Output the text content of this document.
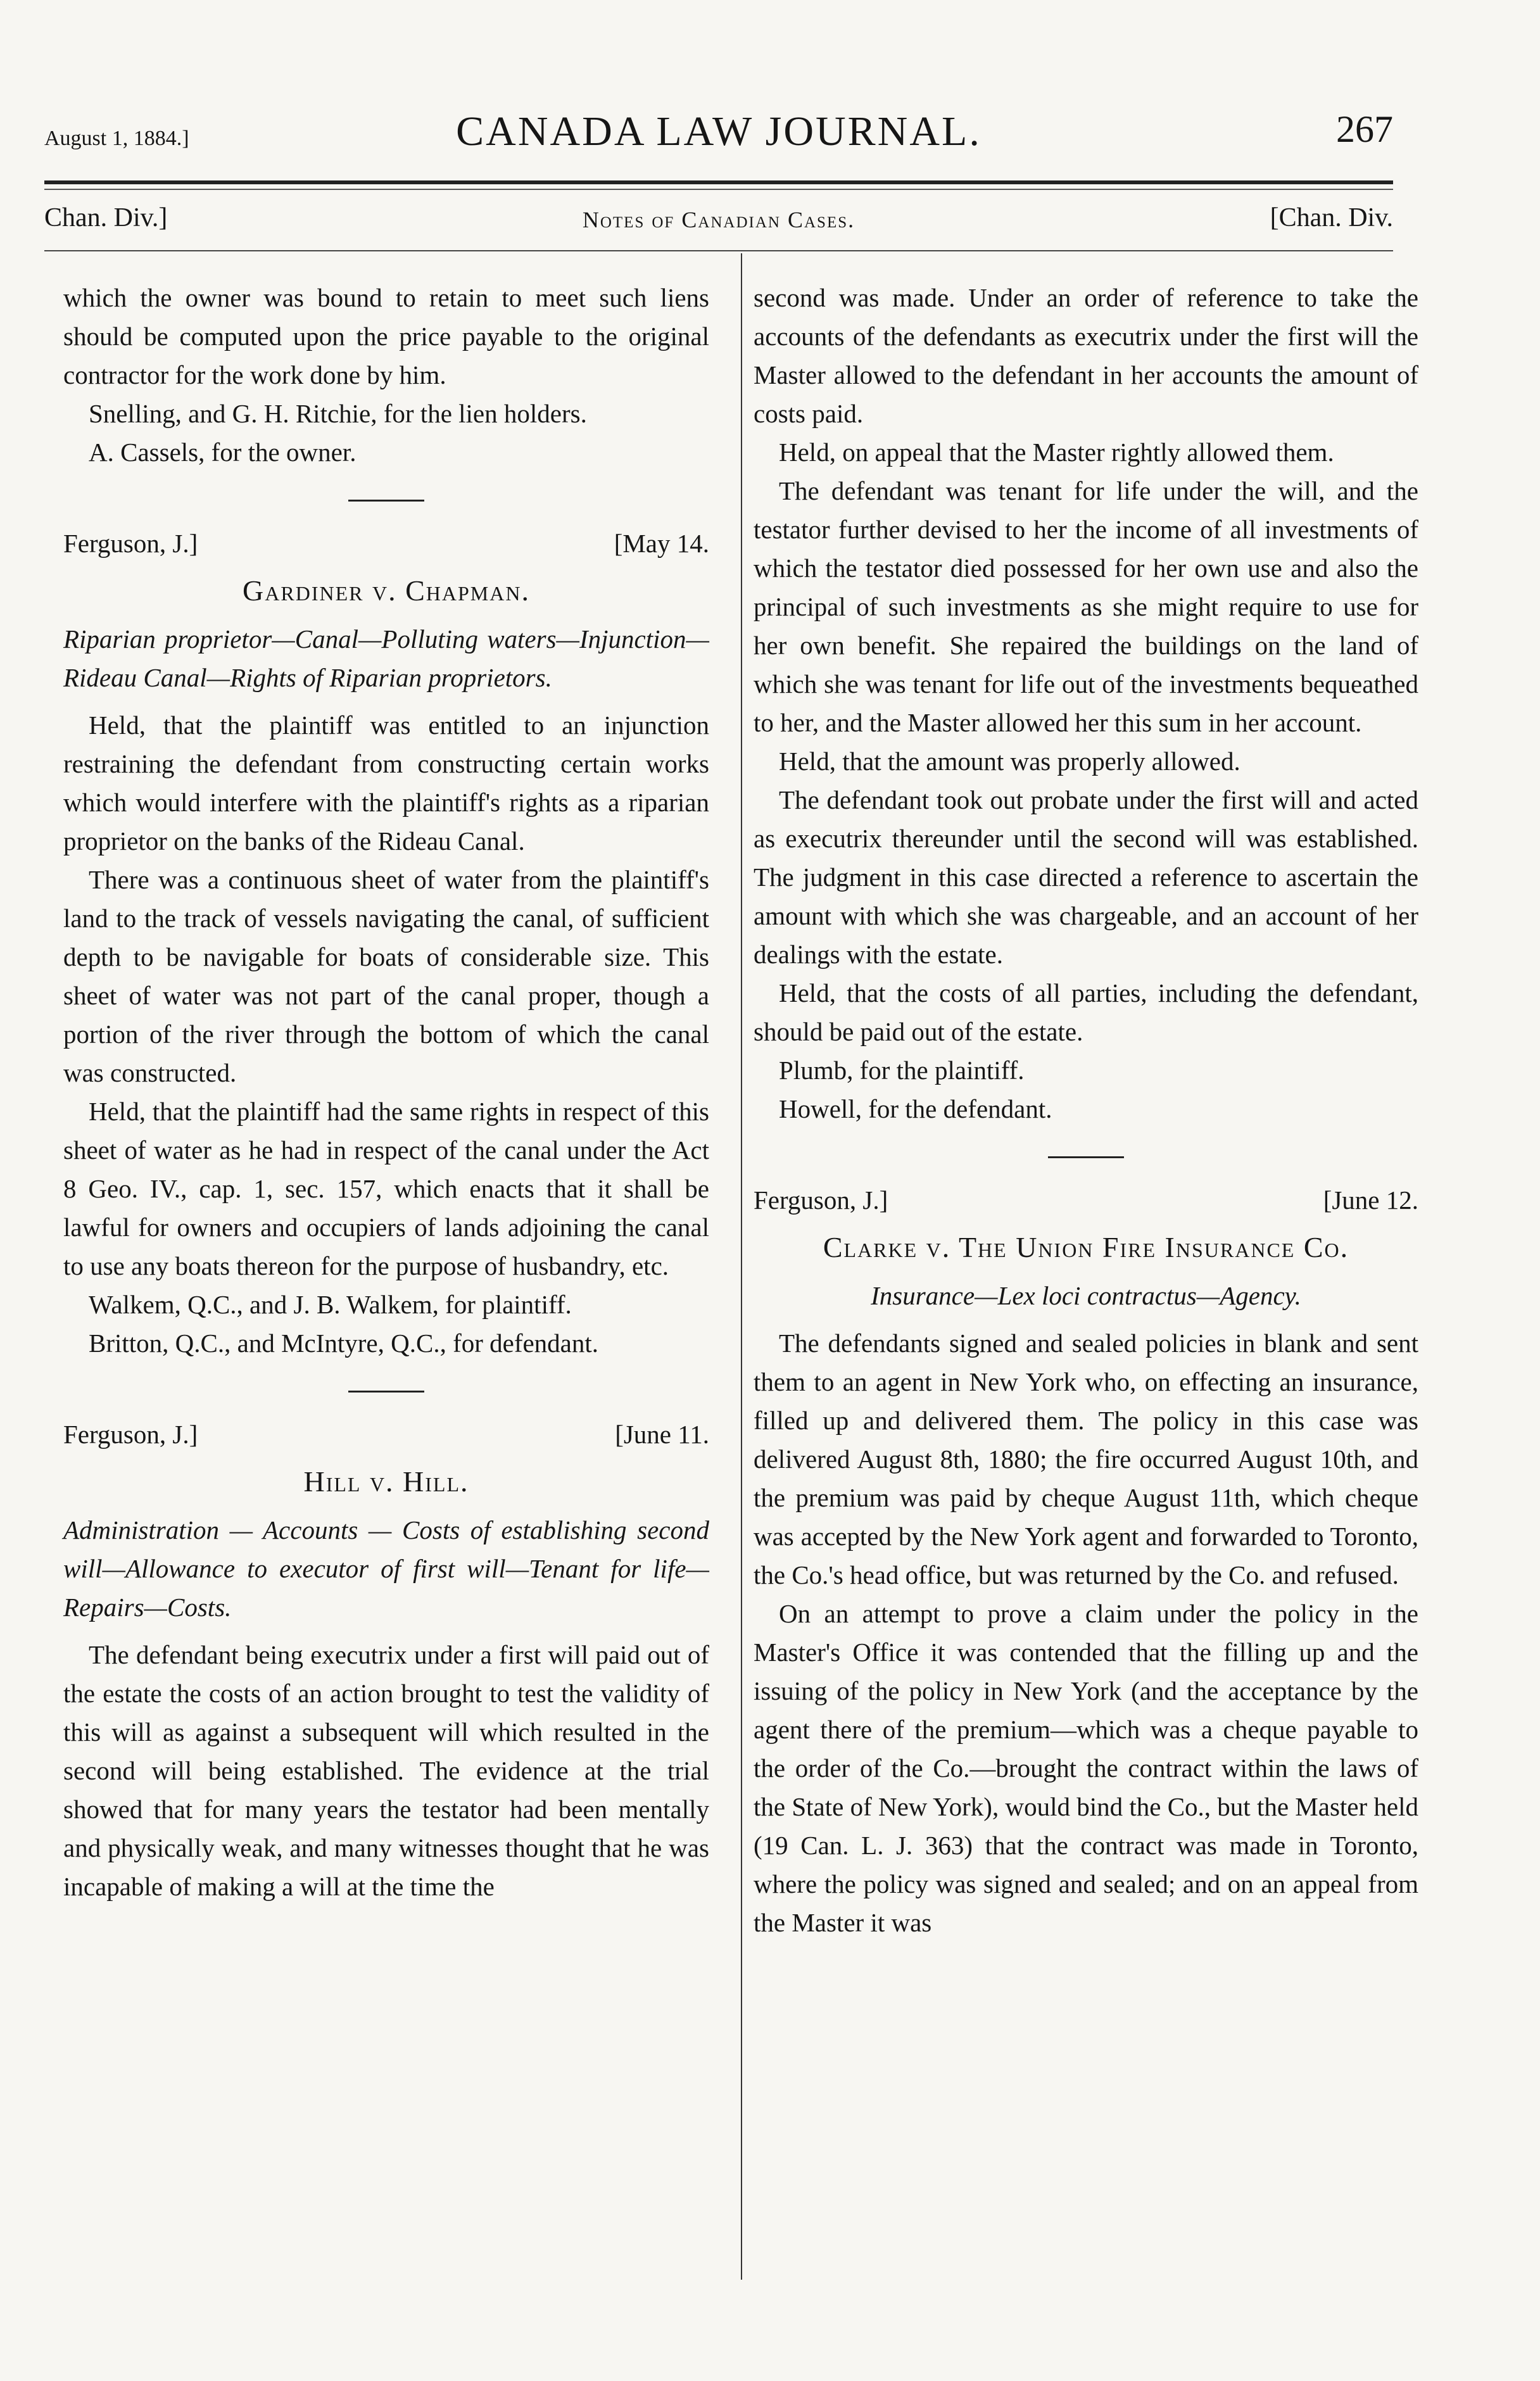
August 1, 1884.]	CANADA LAW JOURNAL.	267
Chan. Div.]	Notes of Canadian Cases.	[Chan. Div.

which the owner was bound to retain to meet such liens should be computed upon the price payable to the original contractor for the work done by him.

Snelling, and G. H. Ritchie, for the lien holders.

A. Cassels, for the owner.

Ferguson, J.]	[May 14.
Gardiner v. Chapman.

Riparian proprietor—Canal—Polluting waters—Injunction—Rideau Canal—Rights of Riparian proprietors.

Held, that the plaintiff was entitled to an injunction restraining the defendant from constructing certain works which would interfere with the plaintiff's rights as a riparian proprietor on the banks of the Rideau Canal.

There was a continuous sheet of water from the plaintiff's land to the track of vessels navigating the canal, of sufficient depth to be navigable for boats of considerable size. This sheet of water was not part of the canal proper, though a portion of the river through the bottom of which the canal was constructed.

Held, that the plaintiff had the same rights in respect of this sheet of water as he had in respect of the canal under the Act 8 Geo. IV., cap. 1, sec. 157, which enacts that it shall be lawful for owners and occupiers of lands adjoining the canal to use any boats thereon for the purpose of husbandry, etc.

Walkem, Q.C., and J. B. Walkem, for plaintiff.

Britton, Q.C., and McIntyre, Q.C., for defendant.

Ferguson, J.]	[June 11.
Hill v. Hill.

Administration — Accounts — Costs of establishing second will—Allowance to executor of first will—Tenant for life—Repairs—Costs.

The defendant being executrix under a first will paid out of the estate the costs of an action brought to test the validity of this will as against a subsequent will which resulted in the second will being established. The evidence at the trial showed that for many years the testator had been mentally and physically weak, and many witnesses thought that he was incapable of making a will at the time the

second was made. Under an order of reference to take the accounts of the defendants as executrix under the first will the Master allowed to the defendant in her accounts the amount of costs paid.

Held, on appeal that the Master rightly allowed them.

The defendant was tenant for life under the will, and the testator further devised to her the income of all investments of which the testator died possessed for her own use and also the principal of such investments as she might require to use for her own benefit. She repaired the buildings on the land of which she was tenant for life out of the investments bequeathed to her, and the Master allowed her this sum in her account.

Held, that the amount was properly allowed.

The defendant took out probate under the first will and acted as executrix thereunder until the second will was established. The judgment in this case directed a reference to ascertain the amount with which she was chargeable, and an account of her dealings with the estate.

Held, that the costs of all parties, including the defendant, should be paid out of the estate.

Plumb, for the plaintiff.

Howell, for the defendant.

Ferguson, J.]	[June 12.
Clarke v. The Union Fire Insurance Co.
Insurance—Lex loci contractus—Agency.

The defendants signed and sealed policies in blank and sent them to an agent in New York who, on effecting an insurance, filled up and delivered them. The policy in this case was delivered August 8th, 1880; the fire occurred August 10th, and the premium was paid by cheque August 11th, which cheque was accepted by the New York agent and forwarded to Toronto, the Co.'s head office, but was returned by the Co. and refused.

On an attempt to prove a claim under the policy in the Master's Office it was contended that the filling up and the issuing of the policy in New York (and the acceptance by the agent there of the premium—which was a cheque payable to the order of the Co.—brought the contract within the laws of the State of New York), would bind the Co., but the Master held (19 Can. L. J. 363) that the contract was made in Toronto, where the policy was signed and sealed; and on an appeal from the Master it was
